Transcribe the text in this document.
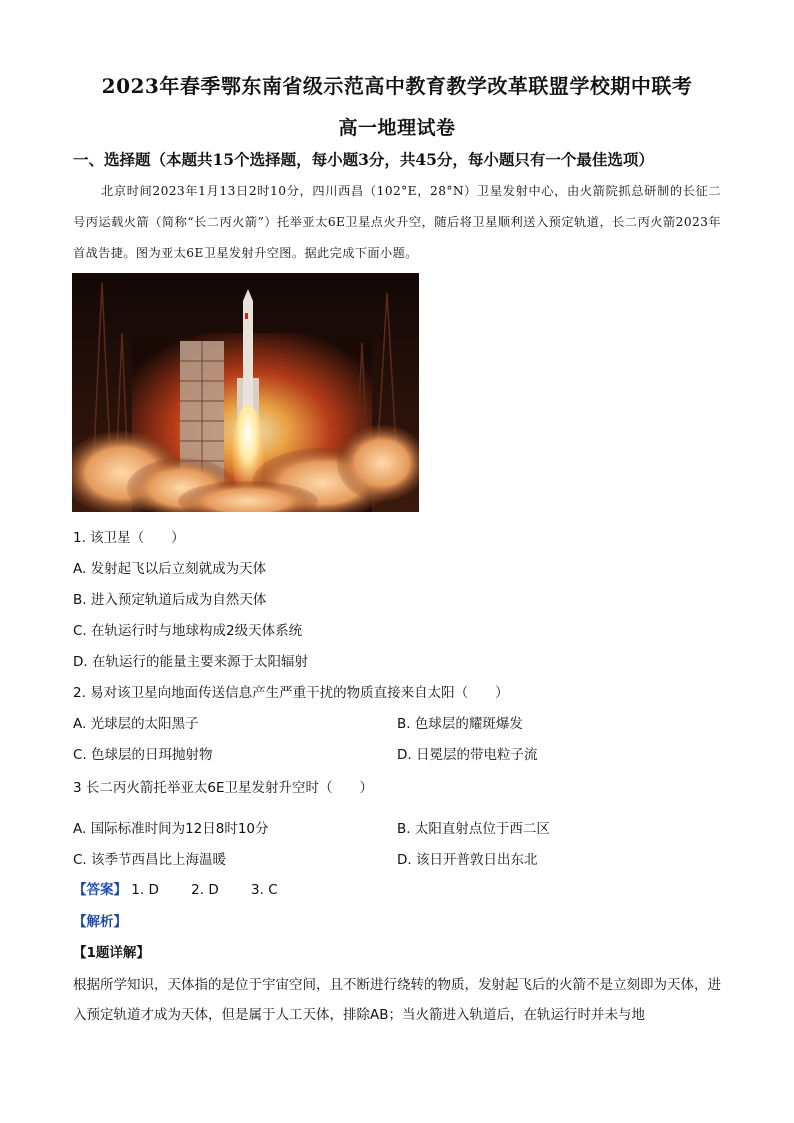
2023年春季鄂东南省级示范高中教育教学改革联盟学校期中联考
高一地理试卷
一、选择题（本题共15个选择题，每小题3分，共45分，每小题只有一个最佳选项）
北京时间2023年1月13日2时10分，四川西昌（102°E，28°N）卫星发射中心，由火箭院抓总研制的长征二号丙运载火箭（简称“长二丙火箭”）托举亚太6E卫星点火升空，随后将卫星顺利送入预定轨道，长二丙火箭2023年首战告捷。图为亚太6E卫星发射升空图。据此完成下面小题。
1. 该卫星（　　）
A. 发射起飞以后立刻就成为天体
B. 进入预定轨道后成为自然天体
C. 在轨运行时与地球构成2级天体系统
D. 在轨运行的能量主要来源于太阳辐射
2. 易对该卫星向地面传送信息产生严重干扰的物质直接来自太阳（　　）
A. 光球层的太阳黑子	B. 色球层的耀斑爆发
C. 色球层的日珥抛射物	D. 日冕层的带电粒子流
3 长二丙火箭托举亚太6E卫星发射升空时（　　）
A. 国际标准时间为12日8时10分	B. 太阳直射点位于西二区
C. 该季节西昌比上海温暖	D. 该日开普敦日出东北
【答案】 1. D 2. D 3. C
【解析】
【1题详解】
根据所学知识，天体指的是位于宇宙空间，且不断进行绕转的物质，发射起飞后的火箭不是立刻即为天体，进入预定轨道才成为天体，但是属于人工天体，排除AB；当火箭进入轨道后，在轨运行时并未与地
